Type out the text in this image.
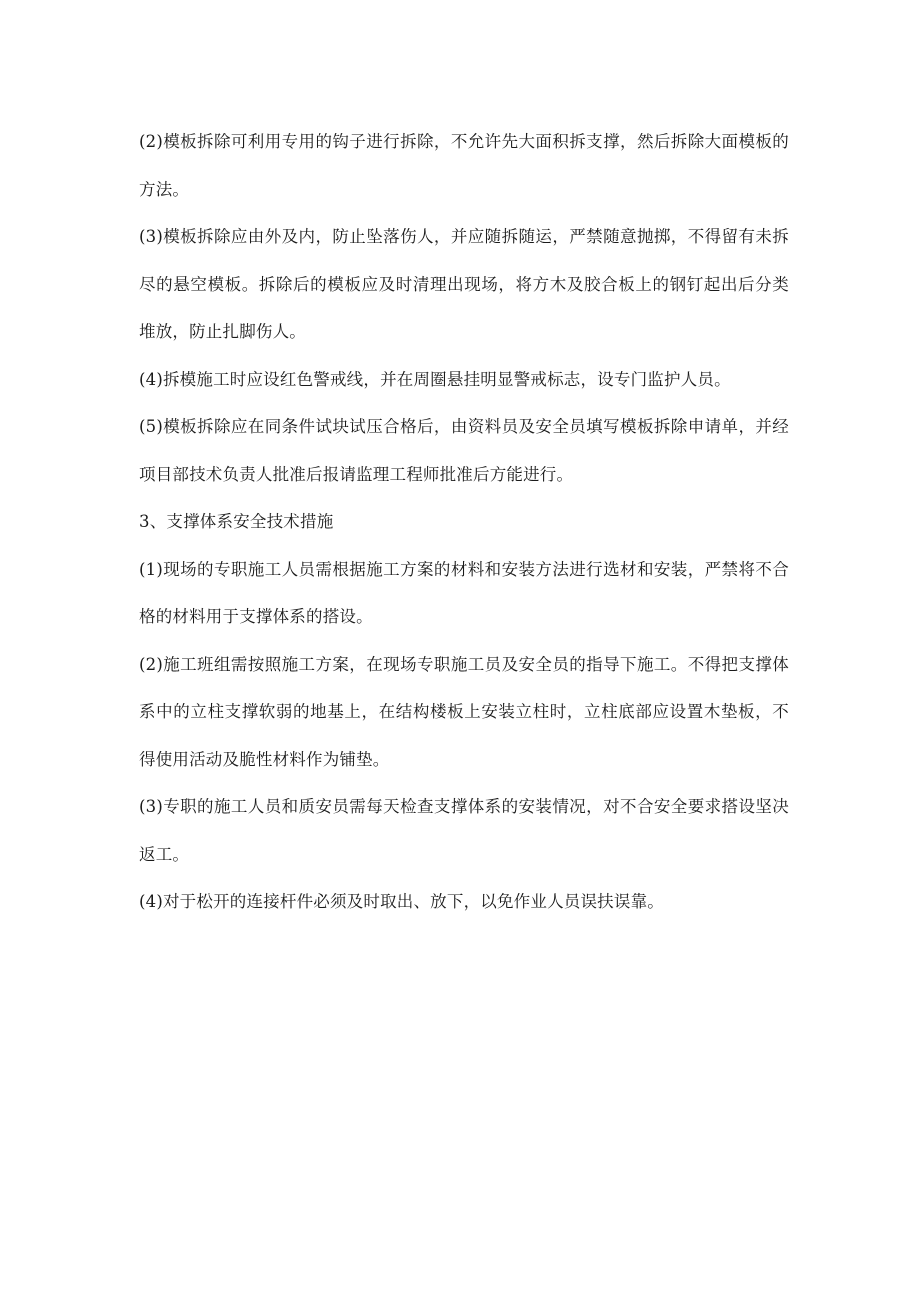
(2)模板拆除可利用专用的钩子进行拆除，不允许先大面积拆支撑，然后拆除大面模板的方法。

(3)模板拆除应由外及内，防止坠落伤人，并应随拆随运，严禁随意抛掷，不得留有未拆尽的悬空模板。拆除后的模板应及时清理出现场，将方木及胶合板上的钢钉起出后分类堆放，防止扎脚伤人。

(4)拆模施工时应设红色警戒线，并在周圈悬挂明显警戒标志，设专门监护人员。

(5)模板拆除应在同条件试块试压合格后，由资料员及安全员填写模板拆除申请单，并经项目部技术负责人批准后报请监理工程师批准后方能进行。

3、支撑体系安全技术措施

(1)现场的专职施工人员需根据施工方案的材料和安装方法进行选材和安装，严禁将不合格的材料用于支撑体系的搭设。

(2)施工班组需按照施工方案，在现场专职施工员及安全员的指导下施工。不得把支撑体系中的立柱支撑软弱的地基上，在结构楼板上安装立柱时，立柱底部应设置木垫板，不得使用活动及脆性材料作为铺垫。

(3)专职的施工人员和质安员需每天检查支撑体系的安装情况，对不合安全要求搭设坚决返工。

(4)对于松开的连接杆件必须及时取出、放下，以免作业人员误扶误靠。
